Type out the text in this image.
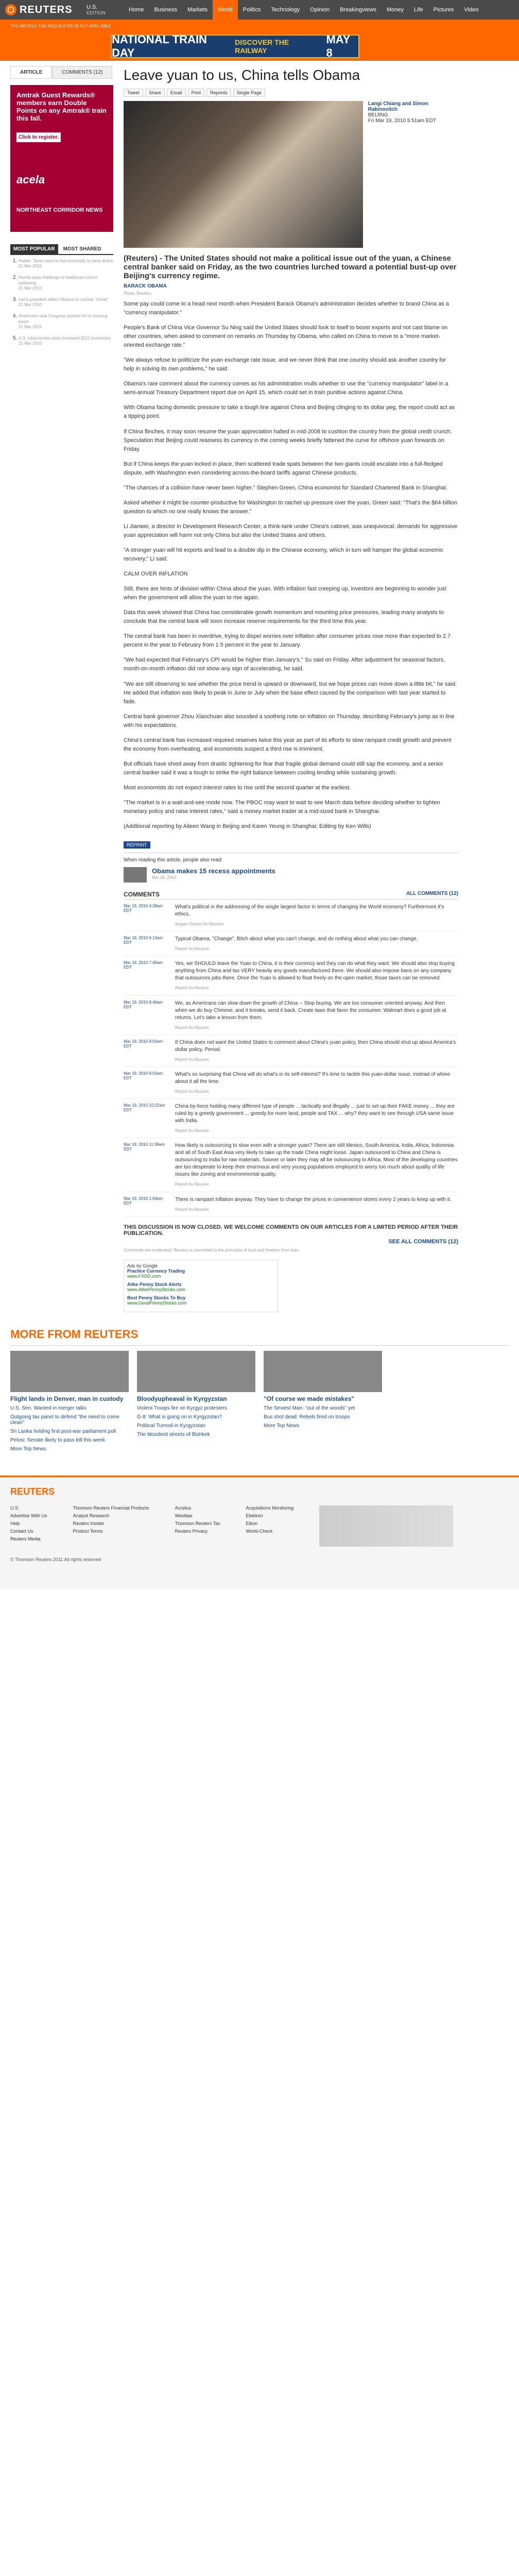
REUTERS U.S.
EDITION	Home	Business	Markets	World	Politics	Technology	Opinion	Breakingviews	Money	Life	Pictures	Video
THE ARTICLE YOU REQUESTED IS NOT AVAILABLE
NATIONAL TRAIN DAY
DISCOVER THE RAILWAY
MAY 8
ARTICLE	COMMENTS (12)
Amtrak Guest Rewards® members earn Double Points on any Amtrak® train this fall.
Click to register.
acela
NORTHEAST CORRIDOR NEWS
MOST POPULAR	MOST SHARED
1. Holder: Taxes need to rise eventually to tame deficit
21 Mar 2010
2. Florida pass challenge to healthcare reform outlawing
21 Mar 2010
3. Iran's president affairs Obama on nuclear "threat"
21 Mar 2010
4. Americans rank Congress pushed hit on housing boom
21 Mar 2010
5. U.S. tobacconists seek increased 2010 inventories
21 Mar 2010
Leave yuan to us, China tells Obama
Tweet	Share	Email	Print	Reprints	Single Page
Langi Chiang and Simon Rabinovitch
BEIJING
Fri Mar 19, 2010 5:51am EDT
(Reuters) - The United States should not make a political issue out of the yuan, a Chinese central banker said on Friday, as the two countries lurched toward a potential bust-up over Beijing's currency regime.
BARACK OBAMA
Photo: Reuters

Some pay could come to a head next month when President Barack Obama's administration decides whether to brand China as a "currency manipulator."

People's Bank of China Vice Governor Su Ning said the United States should look to itself to boost exports and not cast blame on other countries, when asked to comment on remarks on Thursday by Obama, who called on China to move to a "more market-oriented exchange rate."

"We always refuse to politicize the yuan exchange rate issue, and we never think that one country should ask another country for help in solving its own problems," he said.

Obama's rare comment about the currency comes as his administration mulls whether to use the "currency manipulator" label in a semi-annual Treasury Department report due on April 15, which could set in train punitive actions against China.

With Obama facing domestic pressure to take a tough line against China and Beijing clinging to its dollar peg, the report could act as a tipping point.

If China flinches, it may soon resume the yuan appreciation halted in mid-2008 to cushion the country from the global credit crunch. Speculation that Beijing could reassess its currency in the coming weeks briefly fattened the curve for offshore yuan forwards on Friday.

But if China keeps the yuan locked in place, then scattered trade spats between the two giants could escalate into a full-fledged dispute, with Washington even considering across-the-board tariffs against Chinese products.

"The chances of a collision have never been higher," Stephen Green, China economist for Standard Chartered Bank in Shanghai.

Asked whether it might be counter-productive for Washington to ratchet up pressure over the yuan, Green said: "That's the $64-billion question to which no one really knows the answer."

Li Jianwei, a director in Development Research Center, a think-tank under China's cabinet, was unequivocal: demands for aggressive yuan appreciation will harm not only China but also the United States and others.

"A stronger yuan will hit exports and lead to a double dip in the Chinese economy, which in turn will hamper the global economic recovery," Li said.

CALM OVER INFLATION

Still, there are hints of division within China about the yuan. With inflation fast creeping up, investors are beginning to wonder just when the government will allow the yuan to rise again.

Data this week showed that China has considerable growth momentum and mounting price pressures, leading many analysts to conclude that the central bank will soon increase reserve requirements for the third time this year.

The central bank has been in overdrive, trying to dispel worries over inflation after consumer prices rose more than expected to 2.7 percent in the year to February from 1.5 percent in the year to January.

"We had expected that February's CPI would be higher than January's," Su said on Friday. After adjustment for seasonal factors, month-on-month inflation did not show any sign of accelerating, he said.

"We are still observing to see whether the price trend is upward or downward, but we hope prices can move down a little bit," he said. He added that inflation was likely to peak in June or July when the base effect caused by the comparison with last year started to fade.

Central bank governor Zhou Xiaochuan also sounded a soothing note on inflation on Thursday, describing February's jump as in line with his expectations.

China's central bank has increased required reserves twice this year as part of its efforts to slow rampant credit growth and prevent the economy from overheating, and economists suspect a third rise is imminent.

But officials have shied away from drastic tightening for fear that fragile global demand could still sap the economy, and a senior central banker said it was a tough to strike the right balance between cooling lending while sustaining growth.

Most economists do not expect interest rates to rise until the second quarter at the earliest.

"The market is in a wait-and-see mode now. The PBOC may want to wait to see March data before deciding whether to tighten monetary policy and raise interest rates," said a money market trader at a mid-sized bank in Shanghai.

(Additional reporting by Aileen Wang in Beijing and Karen Yeung in Shanghai; Editing by Ken Wills)

REPRINT
When reading this article, people also read:
Obama makes 15 recess appointments
Mar 28, 2010
COMMENTS	ALL COMMENTS (12)
Mar 19, 2010 4:28am EDT
What's political in the addressing of the single largest factor in terms of changing the World economy? Furthermore it's ethics.
angaim Report As Abusive
Mar 19, 2010 6:13am EDT
Typical Obama, "Change". Bitch about what you can't change, and do nothing about what you can change.
Report As Abusive
Mar 19, 2010 7:45am EDT
Yes, we SHOULD leave the Yuan to China, it is their currency and they can do what they want. We should also stop buying anything from China and tax VERY heavily any goods manufactured there. We should also impose bans on any company that outsources jobs there. Once the Yuan is allowed to float freely on the open market, those taxes can be removed.
Report As Abusive
Mar 19, 2010 8:46am EDT
We, as Americans can slow down the growth of China -- Stop buying. We are too consumer oriented anyway. And then when we do buy Chinese, and it breaks, send it back. Create laws that favor the consumer. Walmart does a good job at returns. Let's take a lesson from them.
Report As Abusive
Mar 19, 2010 9:03am EDT
If China does not want the United States to comment about China's yuan policy, then China should shut up about America's dollar policy. Period.
Report As Abusive
Mar 19, 2010 9:53am EDT
What's so surprising that China will do what's in its self-interest? It's time to tackle this yuan-dollar issue, instead of whine about it all the time.
Report As Abusive
Mar 19, 2010 10:22am EDT
China by-force holding many different type of people ... tactically and illegally ... just to set up their FAKE money ... they are ruled by a greedy government ... greedy for more land, people and TAX ... why? they want to see through USA same issue with India.
Report As Abusive
Mar 19, 2010 11:38am EDT
How likely is outsourcing to slow even with a stronger yuan? There are still Mexico, South America, India, Africa, Indonesia and all of South East Asia very likely to take up the trade China might loose. Japan outsourced to China and China is outsourcing to India for raw materials. Sooner or later they may all be outsourcing to Africa. Most of the developing countries are too desperate to keep their enormous and very young populations employed to worry too much about quality of life issues like zoning and environmental quality.
Report As Abusive
Mar 19, 2010 1:04pm EDT
There is rampant inflation anyway. They have to change the prices in convenience stores every 2 years to keep up with it.
Report As Abusive
THIS DISCUSSION IS NOW CLOSED. WE WELCOME COMMENTS ON OUR ARTICLES FOR A LIMITED PERIOD AFTER THEIR PUBLICATION.
SEE ALL COMMENTS (12)
Comments are moderated. Reuters is committed to the principles of trust and freedom from bias.
Ads by Google
Practice Currency Trading
www.FXDD.com
Alike Penny Stock Alerts
www.AlikePennyStocks.com
Best Penny Stocks To Buy
www.GoodPennyStocks.com
MORE FROM REUTERS
Flight lands in Denver, man in custody
U.S. Sen. Wanted in merger talks
Outgoing tax panel to defend "the need to come clean"
Sri Lanka holding first post-war parliament poll
Pelosi: Senate likely to pass bill this week
More Top News
Bloodyupheaval in Kyrgyzstan
Violent Troops fire on Kyrgyz protesters
G-8: What is going on in Kyrgyzstan?
Political Turmoil in Kyrgyzstan
The bloodiest streets of Bishkek
"Of course we made mistakes"
The Sexiest Man: "out of the woods" yet
Bus shot dead: Rebels fired on troops
More Top News
REUTERS
U.S.
Advertise With Us
Help
Contact Us
Reuters Media
Thomson Reuters Financial Products
Analyst Research
Reuters Insider
Product Terms
Accelus
Westlaw
Thomson Reuters Tax
Reuters Privacy
Acquisitions Monitoring
Elektron
Eikon
World-Check
© Thomson Reuters 2011 All rights reserved
